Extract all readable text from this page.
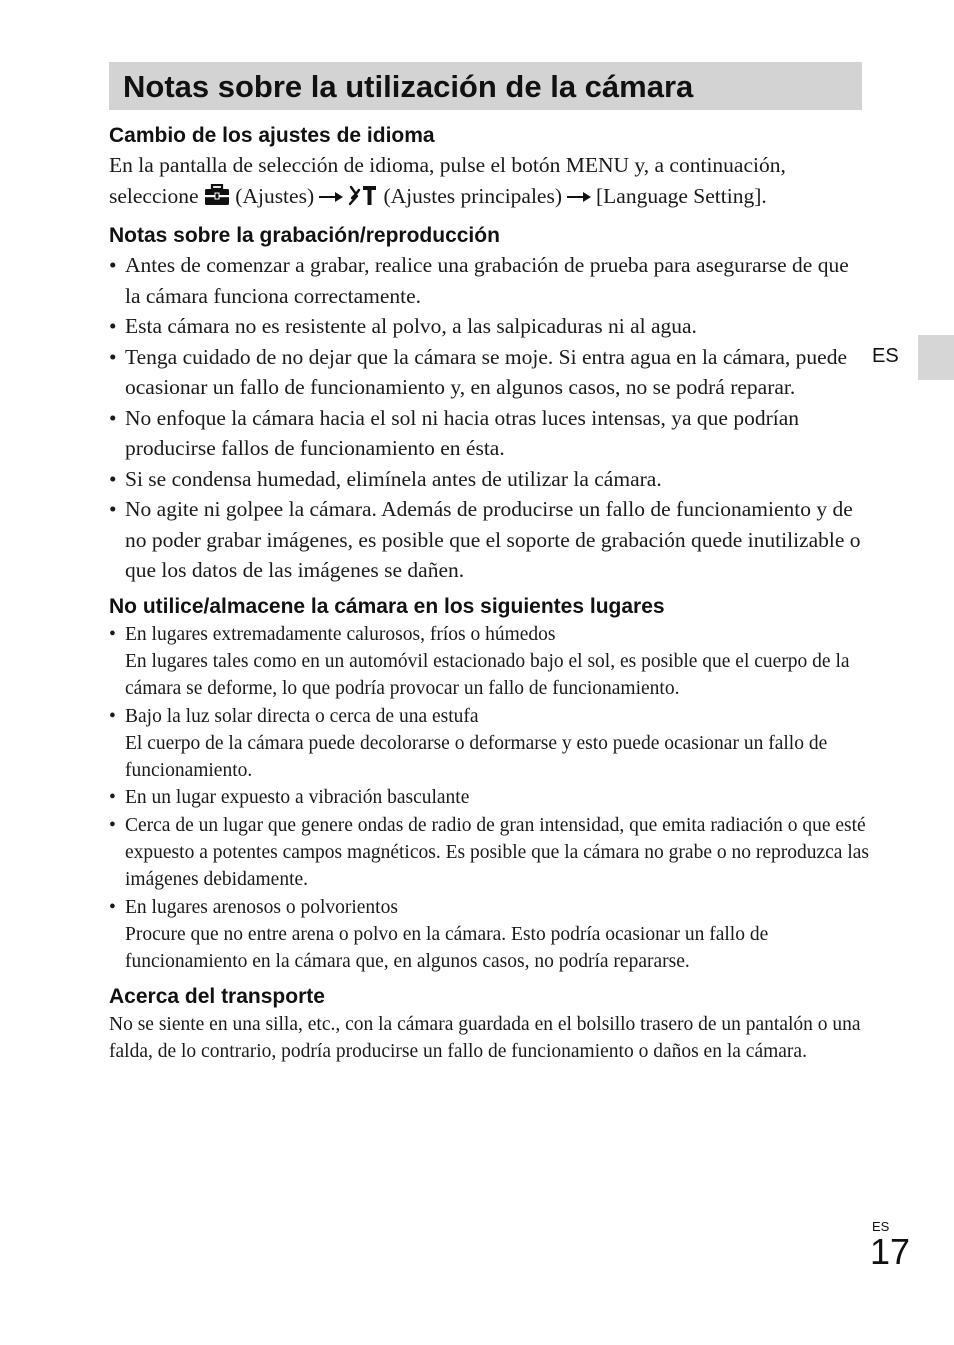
Notas sobre la utilización de la cámara
Cambio de los ajustes de idioma

En la pantalla de selección de idioma, pulse el botón MENU y, a continuación, seleccione (Ajustes)	(Ajustes principales) [Language Setting].

Notas sobre la grabación/reproducción
• Antes de comenzar a grabar, realice una grabación de prueba para asegurarse de que la cámara funciona correctamente.
• Esta cámara no es resistente al polvo, a las salpicaduras ni al agua.
• Tenga cuidado de no dejar que la cámara se moje. Si entra agua en la cámara, puede ocasionar un fallo de funcionamiento y, en algunos casos, no se podrá reparar.
• No enfoque la cámara hacia el sol ni hacia otras luces intensas, ya que podrían producirse fallos de funcionamiento en ésta.
• Si se condensa humedad, elimínela antes de utilizar la cámara.
• No agite ni golpee la cámara. Además de producirse un fallo de funcionamiento y de no poder grabar imágenes, es posible que el soporte de grabación quede inutilizable o que los datos de las imágenes se dañen.
No utilice/almacene la cámara en los siguientes lugares
• En lugares extremadamente calurosos, fríos o húmedos
En lugares tales como en un automóvil estacionado bajo el sol, es posible que el cuerpo de la cámara se deforme, lo que podría provocar un fallo de funcionamiento.
• Bajo la luz solar directa o cerca de una estufa
El cuerpo de la cámara puede decolorarse o deformarse y esto puede ocasionar un fallo de funcionamiento.
• En un lugar expuesto a vibración basculante
• Cerca de un lugar que genere ondas de radio de gran intensidad, que emita radiación o que esté expuesto a potentes campos magnéticos. Es posible que la cámara no grabe o no reproduzca las imágenes debidamente.
• En lugares arenosos o polvorientos
Procure que no entre arena o polvo en la cámara. Esto podría ocasionar un fallo de funcionamiento en la cámara que, en algunos casos, no podría repararse.
Acerca del transporte

No se siente en una silla, etc., con la cámara guardada en el bolsillo trasero de un pantalón o una falda, de lo contrario, podría producirse un fallo de funcionamiento o daños en la cámara.

ES
ES
17
